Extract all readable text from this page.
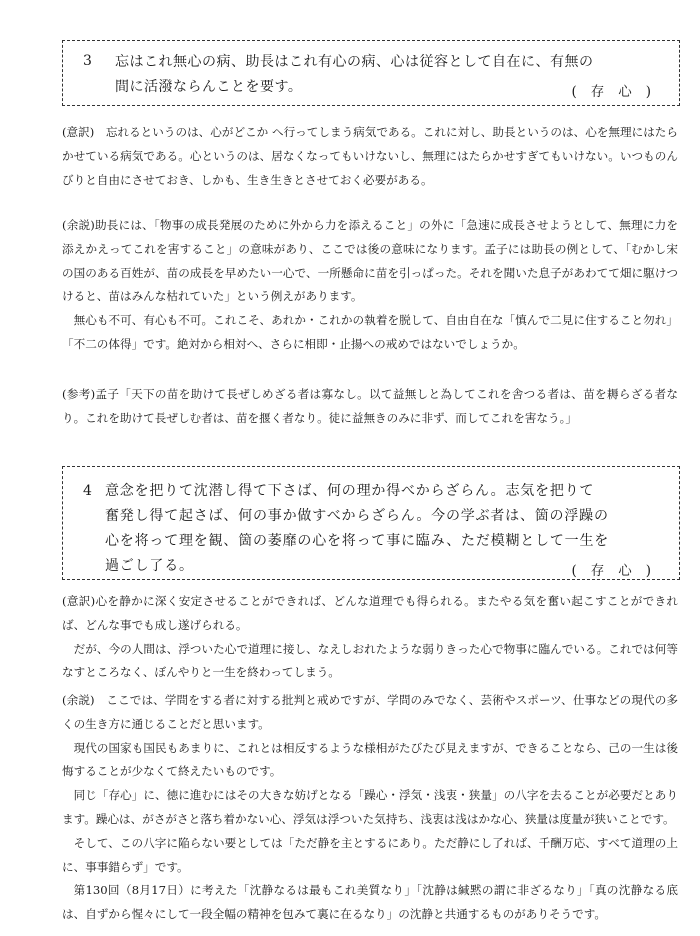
3 忘はこれ無心の病、助長はこれ有心の病、心は従容として自在に、有無の
間に活潑ならんことを要す。	(存心)

(意訳)　忘れるというのは、心がどこか へ行ってしまう病気である。これに対し、助長というのは、心を無理にはたらかせている病気である。心というのは、居なくなってもいけないし、無理にはたらかせすぎてもいけない。いつものんびりと自由にさせておき、しかも、生き生きとさせておく必要がある。

(余説)助長には、「物事の成長発展のために外から力を添えること」の外に「急速に成長させようとして、無理に力を添えかえってこれを害すること」の意味があり、ここでは後の意味になります。孟子には助長の例として、「むかし宋の国のある百姓が、苗の成長を早めたい一心で、一所懸命に苗を引っぱった。それを聞いた息子があわてて畑に駆けつけると、苗はみんな枯れていた」という例えがあります。

無心も不可、有心も不可。これこそ、あれか・これかの執着を脱して、自由自在な「慎んで二見に住すること勿れ」「不二の体得」です。絶対から相対へ、さらに相即・止揚への戒めではないでしょうか。

(参考)孟子「天下の苗を助けて長ぜしめざる者は寡なし。以て益無しと為してこれを舎つる者は、苗を耨らざる者なり。これを助けて長ぜしむ者は、苗を揠く者なり。徒に益無きのみに非ず、而してこれを害なう。」

4 意念を把りて沈潜し得て下さば、何の理か得べからざらん。志気を把りて
奮発し得て起さば、何の事か做すべからざらん。今の学ぶ者は、箇の浮躁の
心を将って理を観、箇の萎靡の心を将って事に臨み、ただ模糊として一生を
過ごし了る。	(存心)

(意訳)心を静かに深く安定させることができれば、どんな道理でも得られる。またやる気を奮い起こすことができれば、どんな事でも成し遂げられる。

だが、今の人間は、浮ついた心で道理に接し、なえしおれたような弱りきった心で物事に臨んでいる。これでは何等なすところなく、ぼんやりと一生を終わってしまう。

(余説)　ここでは、学問をする者に対する批判と戒めですが、学問のみでなく、芸術やスポーツ、仕事などの現代の多くの生き方に通じることだと思います。

現代の国家も国民もあまりに、これとは相反するような様相がたびたび見えますが、できることなら、己の一生は後悔することが少なくて終えたいものです。

同じ「存心」に、徳に進むにはその大きな妨げとなる「躁心・浮気・浅衷・狭量」の八字を去ることが必要だとあります。躁心は、がさがさと落ち着かない心、浮気は浮ついた気持ち、浅衷は浅はかな心、狭量は度量が狭いことです。

そして、この八字に陥らない要としては「ただ静を主とするにあり。ただ静にし了れば、千酬万応、すべて道理の上に、事事錯らず」です。

第130回（8月17日）に考えた「沈静なるは最もこれ美質なり」「沈静は緘黙の謂に非ざるなり」「真の沈静なる底は、自ずから惺々にして一段全幅の精神を包みて裏に在るなり」の沈静と共通するものがありそうです。
